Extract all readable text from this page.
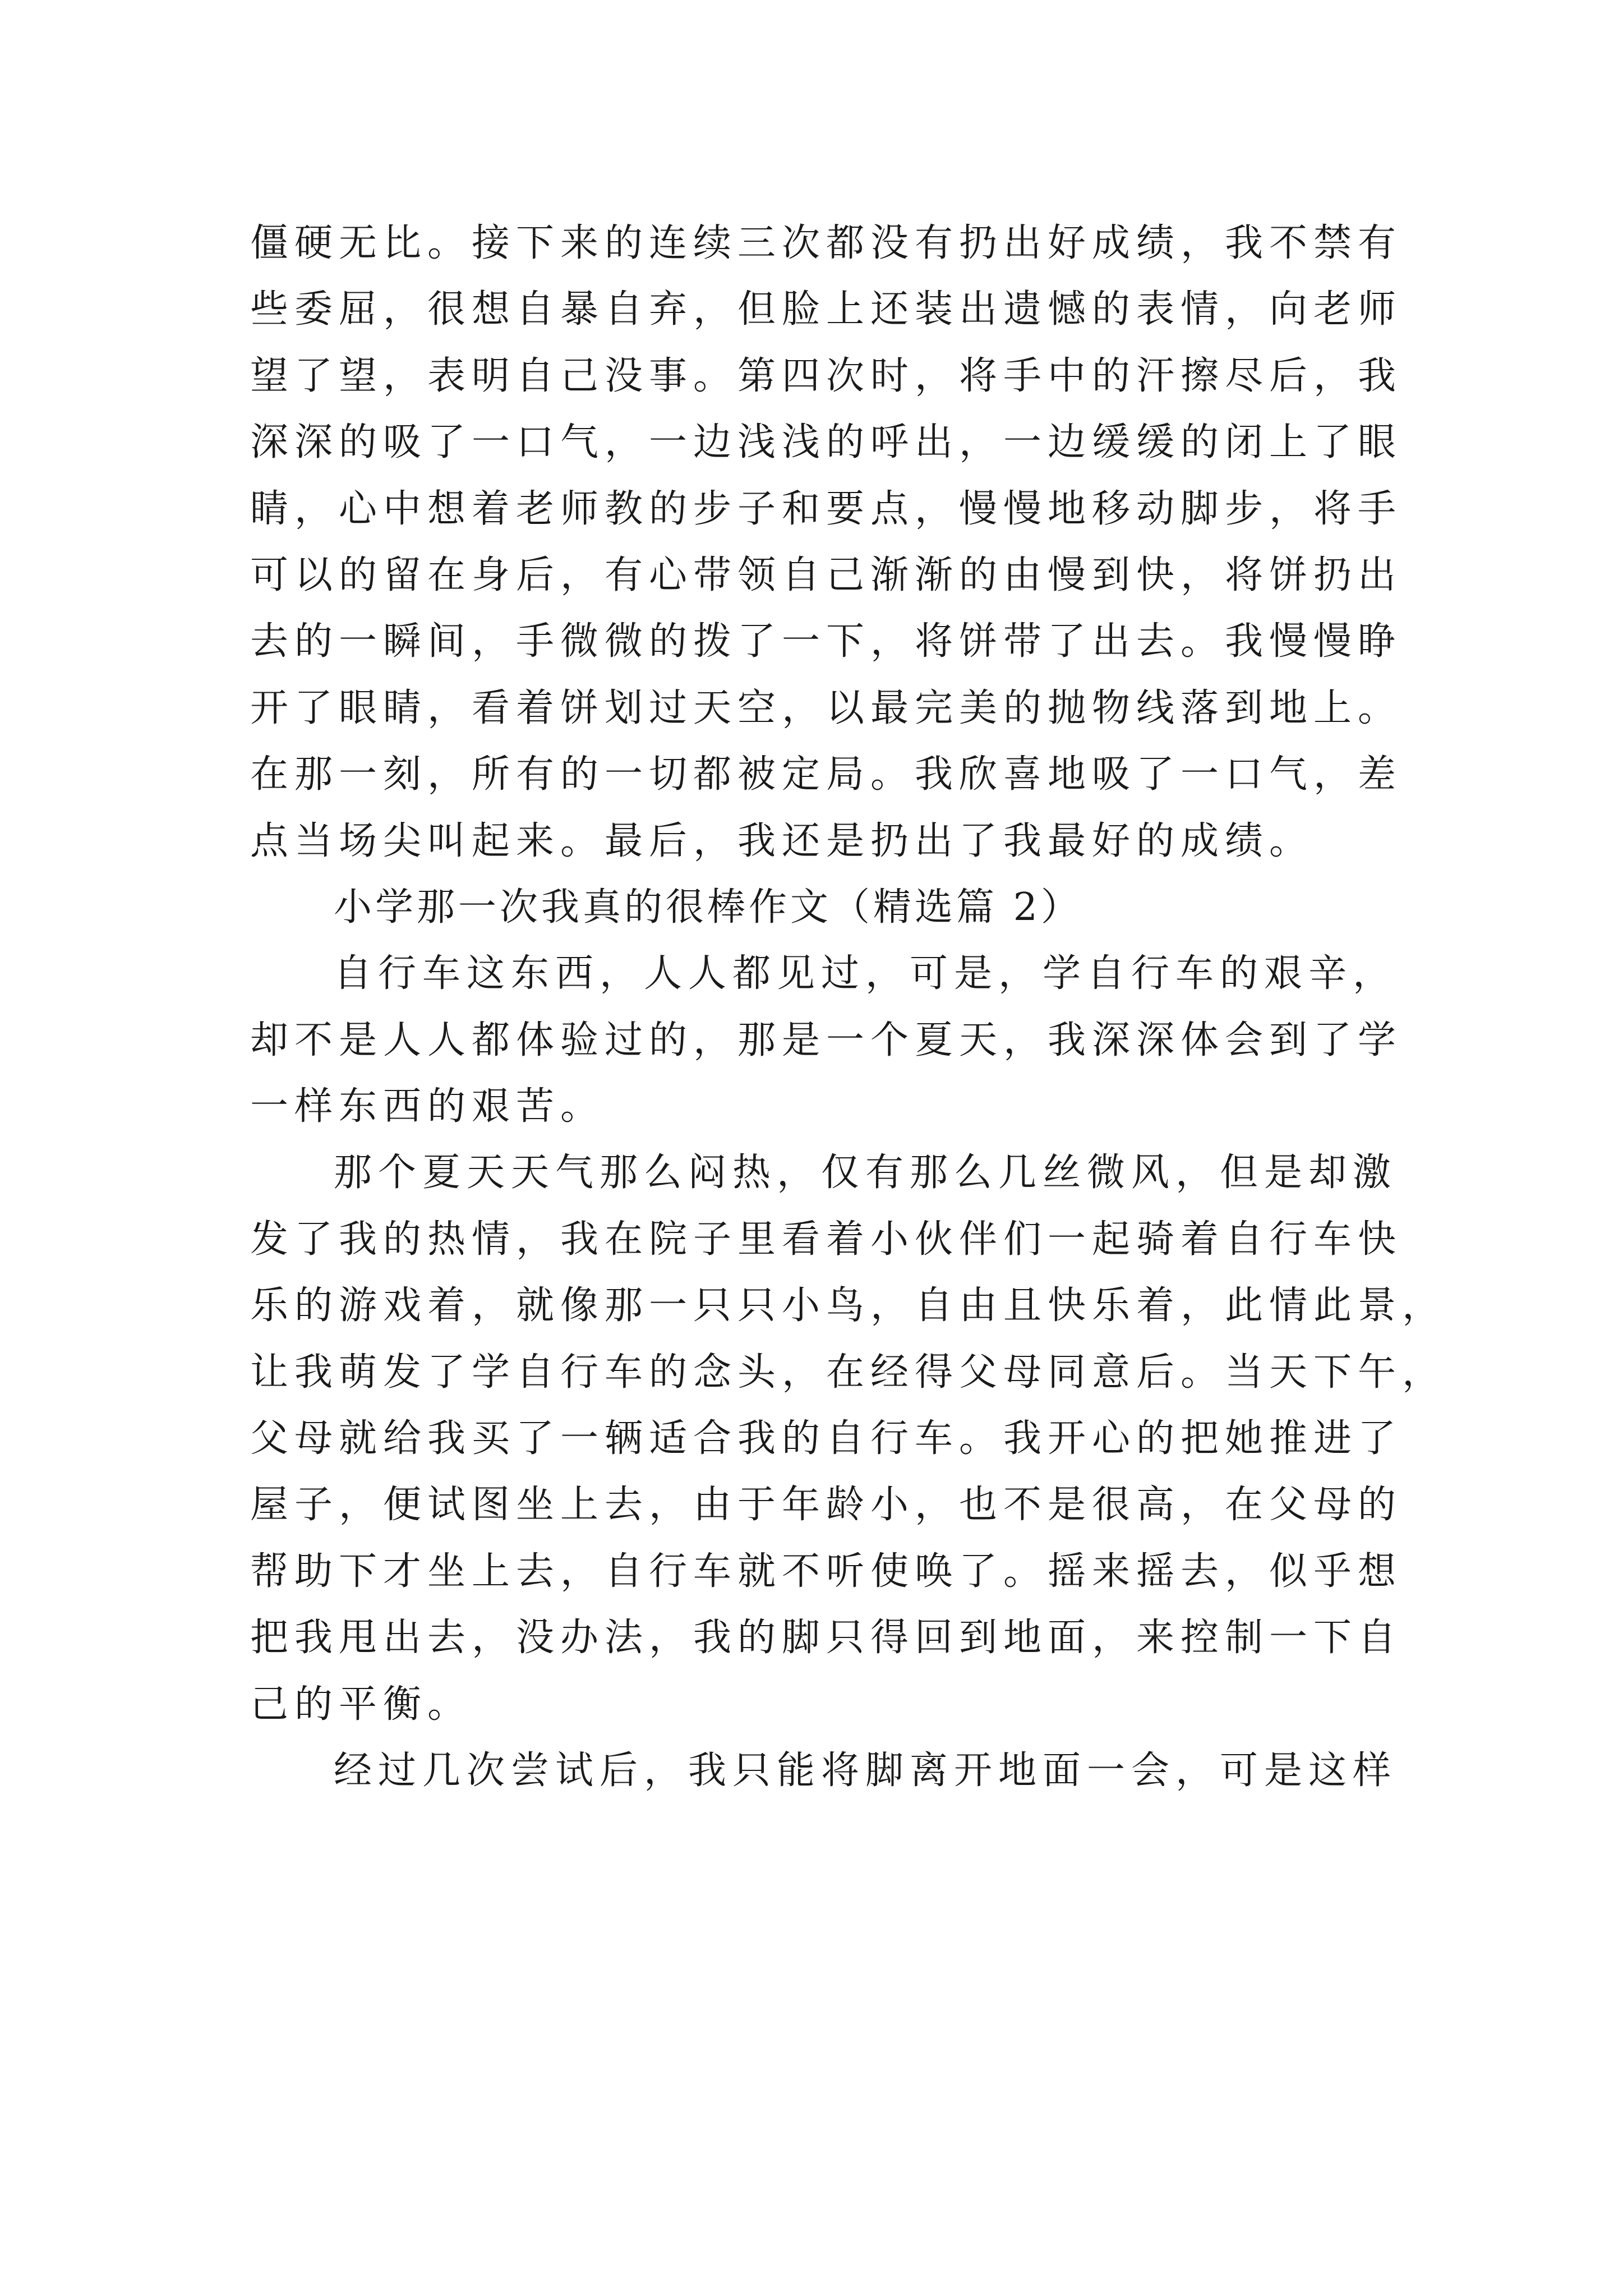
僵硬无比。接下来的连续三次都没有扔出好成绩，我不禁有
些委屈，很想自暴自弃，但脸上还装出遗憾的表情，向老师
望了望，表明自己没事。第四次时，将手中的汗擦尽后，我
深深的吸了一口气，一边浅浅的呼出，一边缓缓的闭上了眼
睛，心中想着老师教的步子和要点，慢慢地移动脚步，将手
可以的留在身后，有心带领自己渐渐的由慢到快，将饼扔出
去的一瞬间，手微微的拨了一下，将饼带了出去。我慢慢睁
开了眼睛，看着饼划过天空，以最完美的抛物线落到地上。
在那一刻，所有的一切都被定局。我欣喜地吸了一口气，差
点当场尖叫起来。最后，我还是扔出了我最好的成绩。
小学那一次我真的很棒作文（精选篇 2）
自行车这东西，人人都见过，可是，学自行车的艰辛，
却不是人人都体验过的，那是一个夏天，我深深体会到了学
一样东西的艰苦。
那个夏天天气那么闷热，仅有那么几丝微风，但是却激
发了我的热情，我在院子里看着小伙伴们一起骑着自行车快
乐的游戏着，就像那一只只小鸟，自由且快乐着，此情此景，
让我萌发了学自行车的念头，在经得父母同意后。当天下午，
父母就给我买了一辆适合我的自行车。我开心的把她推进了
屋子，便试图坐上去，由于年龄小，也不是很高，在父母的
帮助下才坐上去，自行车就不听使唤了。摇来摇去，似乎想
把我甩出去，没办法，我的脚只得回到地面，来控制一下自
己的平衡。
经过几次尝试后，我只能将脚离开地面一会，可是这样
